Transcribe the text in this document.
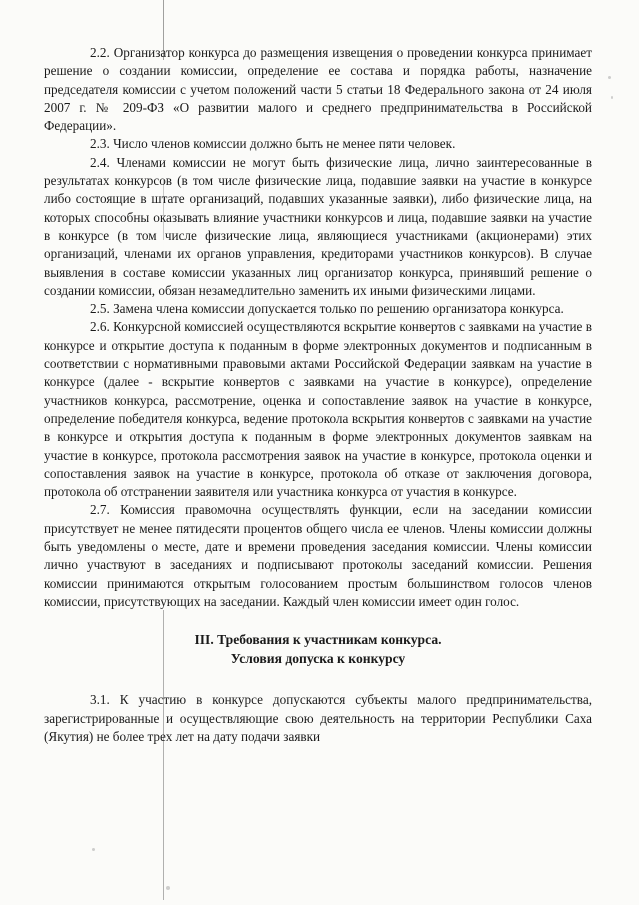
2.2. Организатор конкурса до размещения извещения о проведении конкурса принимает решение о создании комиссии, определение ее состава и порядка работы, назначение председателя комиссии с учетом положений части 5 статьи 18 Федерального закона от 24 июля 2007 г. № 209-ФЗ «О развитии малого и среднего предпринимательства в Российской Федерации».

2.3. Число членов комиссии должно быть не менее пяти человек.

2.4. Членами комиссии не могут быть физические лица, лично заинтересованные в результатах конкурсов (в том числе физические лица, подавшие заявки на участие в конкурсе либо состоящие в штате организаций, подавших указанные заявки), либо физические лица, на которых способны оказывать влияние участники конкурсов и лица, подавшие заявки на участие в конкурсе (в том числе физические лица, являющиеся участниками (акционерами) этих организаций, членами их органов управления, кредиторами участников конкурсов). В случае выявления в составе комиссии указанных лиц организатор конкурса, принявший решение о создании комиссии, обязан незамедлительно заменить их иными физическими лицами.

2.5. Замена члена комиссии допускается только по решению организатора конкурса.

2.6. Конкурсной комиссией осуществляются вскрытие конвертов с заявками на участие в конкурсе и открытие доступа к поданным в форме электронных документов и подписанным в соответствии с нормативными правовыми актами Российской Федерации заявкам на участие в конкурсе (далее - вскрытие конвертов с заявками на участие в конкурсе), определение участников конкурса, рассмотрение, оценка и сопоставление заявок на участие в конкурсе, определение победителя конкурса, ведение протокола вскрытия конвертов с заявками на участие в конкурсе и открытия доступа к поданным в форме электронных документов заявкам на участие в конкурсе, протокола рассмотрения заявок на участие в конкурсе, протокола оценки и сопоставления заявок на участие в конкурсе, протокола об отказе от заключения договора, протокола об отстранении заявителя или участника конкурса от участия в конкурсе.

2.7. Комиссия правомочна осуществлять функции, если на заседании комиссии присутствует не менее пятидесяти процентов общего числа ее членов. Члены комиссии должны быть уведомлены о месте, дате и времени проведения заседания комиссии. Члены комиссии лично участвуют в заседаниях и подписывают протоколы заседаний комиссии. Решения комиссии принимаются открытым голосованием простым большинством голосов членов комиссии, присутствующих на заседании. Каждый член комиссии имеет один голос.

III. Требования к участникам конкурса.
Условия допуска к конкурсу

3.1. К участию в конкурсе допускаются субъекты малого предпринимательства, зарегистрированные и осуществляющие свою деятельность на территории Республики Саха (Якутия) не более трех лет на дату подачи заявки
